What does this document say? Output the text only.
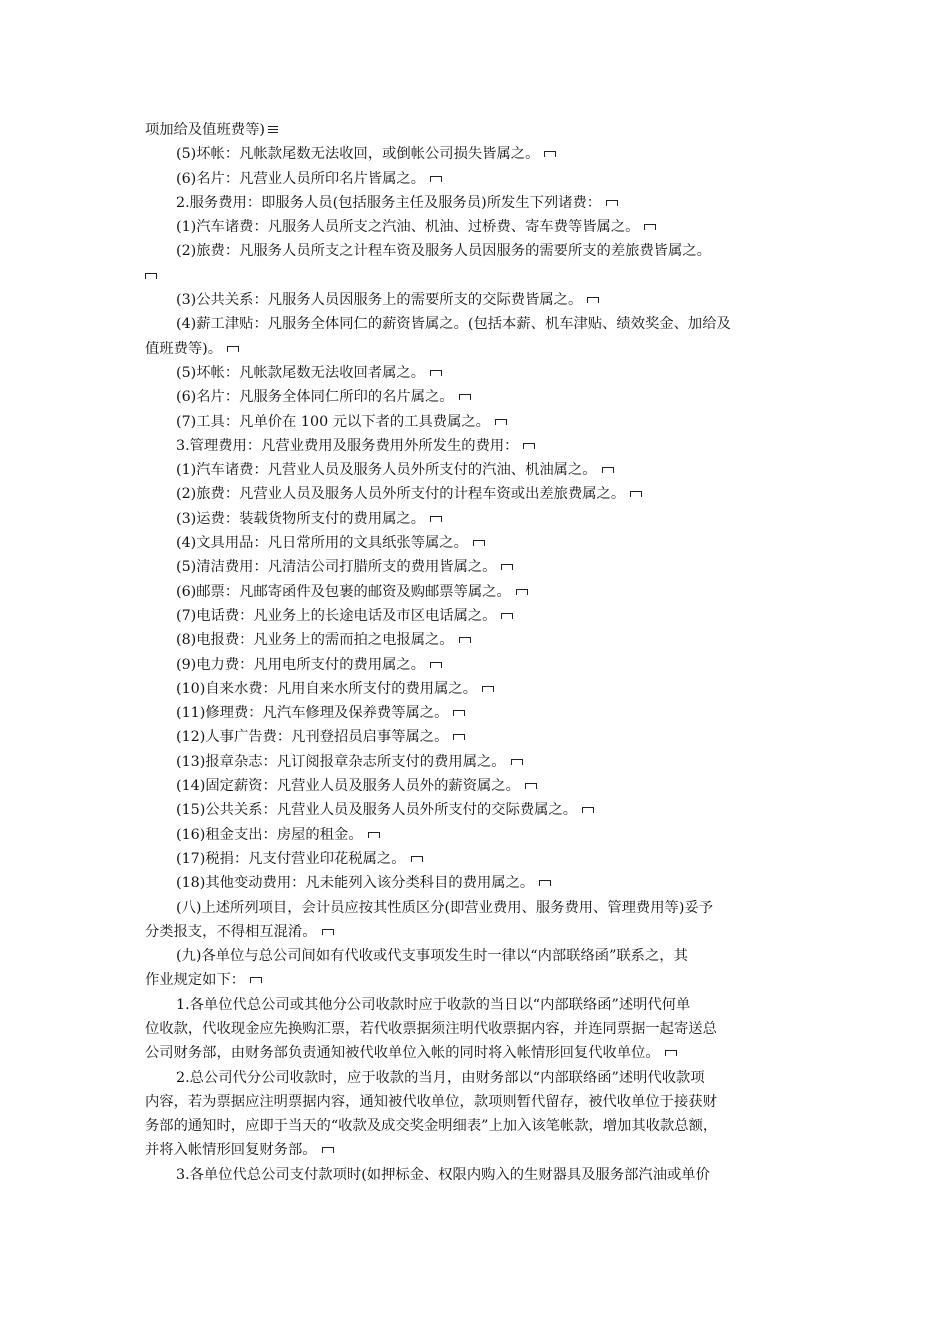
项加给及值班费等)
(5)坏帐：凡帐款尾数无法收回，或倒帐公司损失皆属之。
(6)名片：凡营业人员所印名片皆属之。
2.服务费用：即服务人员(包括服务主任及服务员)所发生下列诸费：
(1)汽车诸费：凡服务人员所支之汽油、机油、过桥费、寄车费等皆属之。
(2)旅费：凡服务人员所支之计程车资及服务人员因服务的需要所支的差旅费皆属之。
(3)公共关系：凡服务人员因服务上的需要所支的交际费皆属之。
(4)薪工津贴：凡服务全体同仁的薪资皆属之。(包括本薪、机车津贴、绩效奖金、加给及
值班费等)。
(5)坏帐：凡帐款尾数无法收回者属之。
(6)名片：凡服务全体同仁所印的名片属之。
(7)工具：凡单价在 100 元以下者的工具费属之。
3.管理费用：凡营业费用及服务费用外所发生的费用：
(1)汽车诸费：凡营业人员及服务人员外所支付的汽油、机油属之。
(2)旅费：凡营业人员及服务人员外所支付的计程车资或出差旅费属之。
(3)运费：装载货物所支付的费用属之。
(4)文具用品：凡日常所用的文具纸张等属之。
(5)清洁费用：凡清洁公司打腊所支的费用皆属之。
(6)邮票：凡邮寄函件及包裹的邮资及购邮票等属之。
(7)电话费：凡业务上的长途电话及市区电话属之。
(8)电报费：凡业务上的需而拍之电报属之。
(9)电力费：凡用电所支付的费用属之。
(10)自来水费：凡用自来水所支付的费用属之。
(11)修理费：凡汽车修理及保养费等属之。
(12)人事广告费：凡刊登招员启事等属之。
(13)报章杂志：凡订阅报章杂志所支付的费用属之。
(14)固定薪资：凡营业人员及服务人员外的薪资属之。
(15)公共关系：凡营业人员及服务人员外所支付的交际费属之。
(16)租金支出：房屋的租金。
(17)税捐：凡支付营业印花税属之。
(18)其他变动费用：凡未能列入该分类科目的费用属之。
(八)上述所列项目，会计员应按其性质区分(即营业费用、服务费用、管理费用等)妥予
分类报支，不得相互混淆。
(九)各单位与总公司间如有代收或代支事项发生时一律以“内部联络函”联系之，其
作业规定如下：
1.各单位代总公司或其他分公司收款时应于收款的当日以“内部联络函”述明代何单
位收款，代收现金应先换购汇票，若代收票据须注明代收票据内容，并连同票据一起寄送总
公司财务部，由财务部负责通知被代收单位入帐的同时将入帐情形回复代收单位。
2.总公司代分公司收款时，应于收款的当月，由财务部以“内部联络函”述明代收款项
内容，若为票据应注明票据内容，通知被代收单位，款项则暂代留存，被代收单位于接获财
务部的通知时，应即于当天的“收款及成交奖金明细表”上加入该笔帐款，增加其收款总额，
并将入帐情形回复财务部。
3.各单位代总公司支付款项时(如押标金、权限内购入的生财器具及服务部汽油或单价
